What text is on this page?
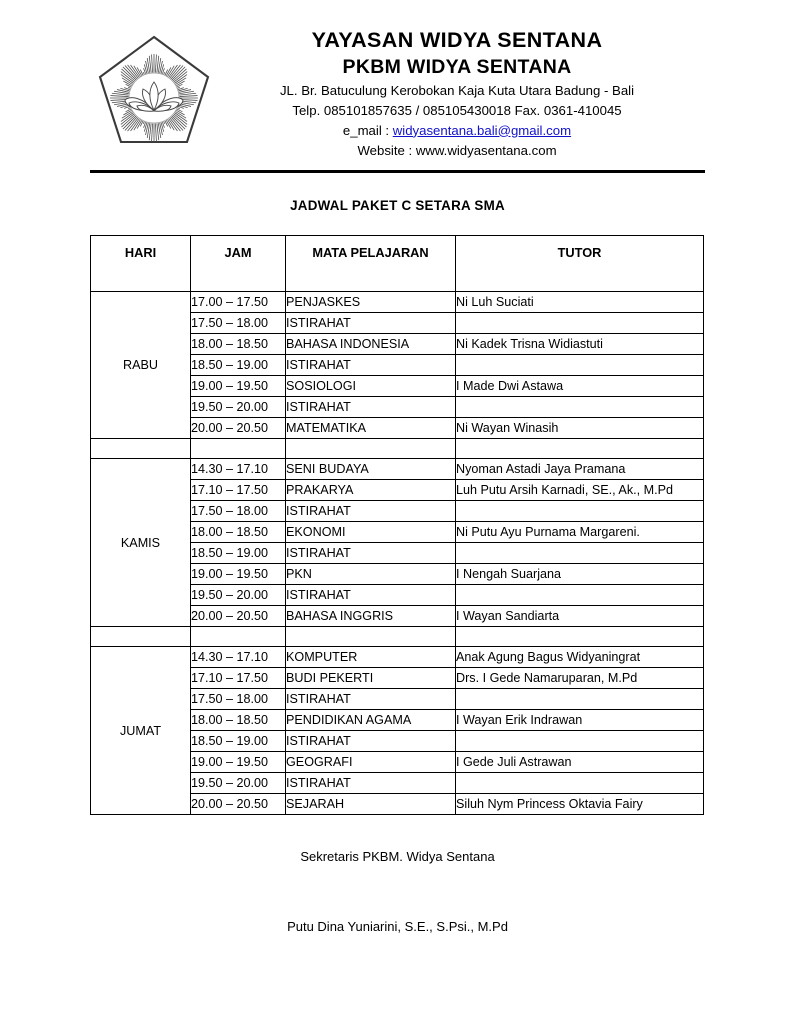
YAYASAN WIDYA SENTANA
PKBM WIDYA SENTANA
JL. Br. Batuculung Kerobokan Kaja Kuta Utara Badung - Bali
Telp. 085101857635 / 085105430018 Fax. 0361-410045
e_mail : widyasentana.bali@gmail.com
Website : www.widyasentana.com
JADWAL PAKET C SETARA SMA
HARI	JAM	MATA PELAJARAN	TUTOR
RABU	17.00 – 17.50	PENJASKES	Ni Luh Suciati
	17.50 – 18.00	ISTIRAHAT	
	18.00 – 18.50	BAHASA INDONESIA	Ni Kadek Trisna Widiastuti
	18.50 – 19.00	ISTIRAHAT	
	19.00 – 19.50	SOSIOLOGI	I Made Dwi Astawa
	19.50 – 20.00	ISTIRAHAT	
	20.00 – 20.50	MATEMATIKA	Ni Wayan Winasih

KAMIS	14.30 – 17.10	SENI BUDAYA	Nyoman Astadi Jaya Pramana
	17.10 – 17.50	PRAKARYA	Luh Putu Arsih Karnadi, SE., Ak., M.Pd
	17.50 – 18.00	ISTIRAHAT	
	18.00 – 18.50	EKONOMI	Ni Putu Ayu Purnama Margareni.
	18.50 – 19.00	ISTIRAHAT	
	19.00 – 19.50	PKN	I Nengah Suarjana
	19.50 – 20.00	ISTIRAHAT	
	20.00 – 20.50	BAHASA INGGRIS	I Wayan Sandiarta

JUMAT	14.30 – 17.10	KOMPUTER	Anak Agung Bagus Widyaningrat
	17.10 – 17.50	BUDI PEKERTI	Drs. I Gede Namaruparan, M.Pd
	17.50 – 18.00	ISTIRAHAT	
	18.00 – 18.50	PENDIDIKAN AGAMA	I Wayan Erik Indrawan
	18.50 – 19.00	ISTIRAHAT	
	19.00 – 19.50	GEOGRAFI	I Gede Juli Astrawan
	19.50 – 20.00	ISTIRAHAT	
	20.00 – 20.50	SEJARAH	Siluh Nym Princess Oktavia Fairy
Sekretaris PKBM. Widya Sentana
Putu Dina Yuniarini, S.E., S.Psi., M.Pd
